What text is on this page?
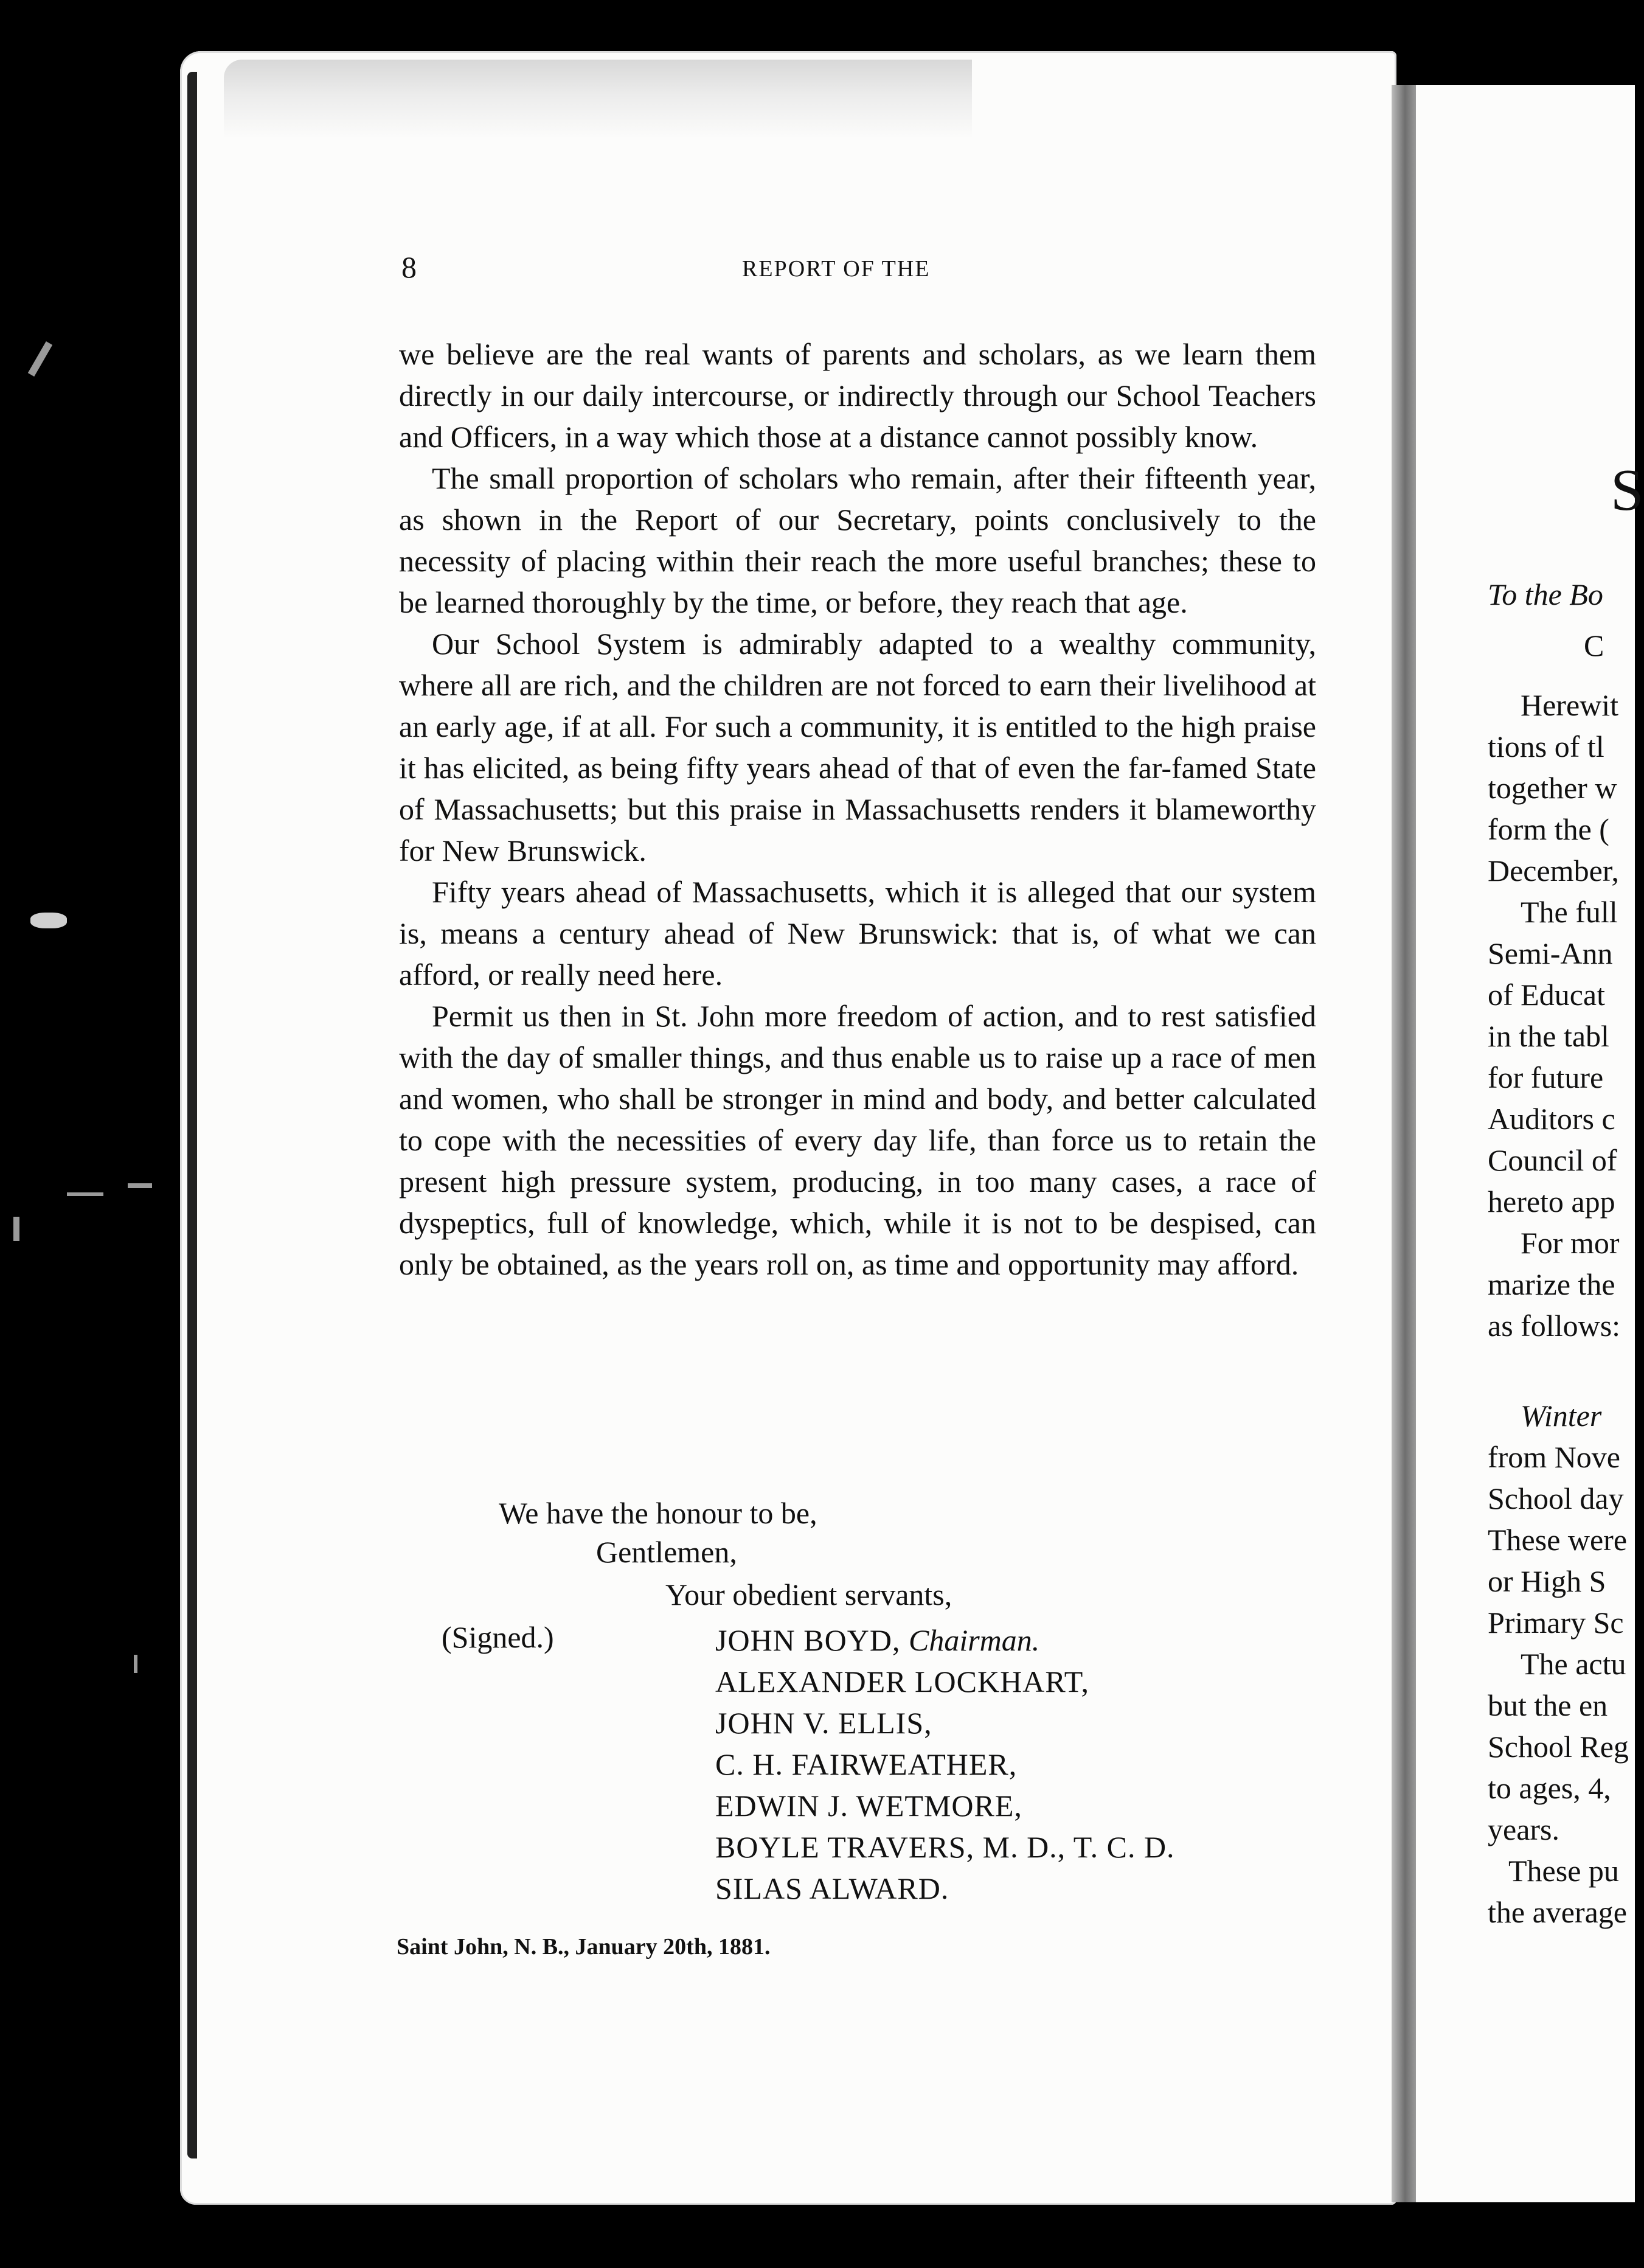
8	REPORT OF THE

we believe are the real wants of parents and scholars, as we learn them directly in our daily intercourse, or indirectly through our School Teachers and Officers, in a way which those at a distance cannot possibly know.

The small proportion of scholars who remain, after their fifteenth year, as shown in the Report of our Secretary, points conclusively to the necessity of placing within their reach the more useful branches; these to be learned thoroughly by the time, or before, they reach that age.

Our School System is admirably adapted to a wealthy community, where all are rich, and the children are not forced to earn their livelihood at an early age, if at all. For such a community, it is entitled to the high praise it has elicited, as being fifty years ahead of that of even the far-famed State of Massachusetts; but this praise in Massachusetts renders it blameworthy for New Brunswick.

Fifty years ahead of Massachusetts, which it is alleged that our system is, means a century ahead of New Brunswick: that is, of what we can afford, or really need here.

Permit us then in St. John more freedom of action, and to rest satisfied with the day of smaller things, and thus enable us to raise up a race of men and women, who shall be stronger in mind and body, and better calculated to cope with the necessities of every day life, than force us to retain the present high pressure system, producing, in too many cases, a race of dyspeptics, full of knowledge, which, while it is not to be despised, can only be obtained, as the years roll on, as time and opportunity may afford.

We have the honour to be,
Gentlemen,
Your obedient servants,
(Signed.)	JOHN BOYD, Chairman.
ALEXANDER LOCKHART,
JOHN V. ELLIS,
C. H. FAIRWEATHER,
EDWIN J. WETMORE,
BOYLE TRAVERS, M. D., T. C. D.
SILAS ALWARD.
Saint John, N. B., January 20th, 1881.
S
To the Bo
C
Herewit
tions of tl
together w
form the (
December,
The full
Semi-Ann
of Educat
in the tabl
for future
Auditors c
Council of
hereto app
For mor
marize the
as follows:
Winter
from Nove
School day
These were
or High S
Primary Sc
The actu
but the en
School Reg
to ages, 4,
years.
These pu
the average
